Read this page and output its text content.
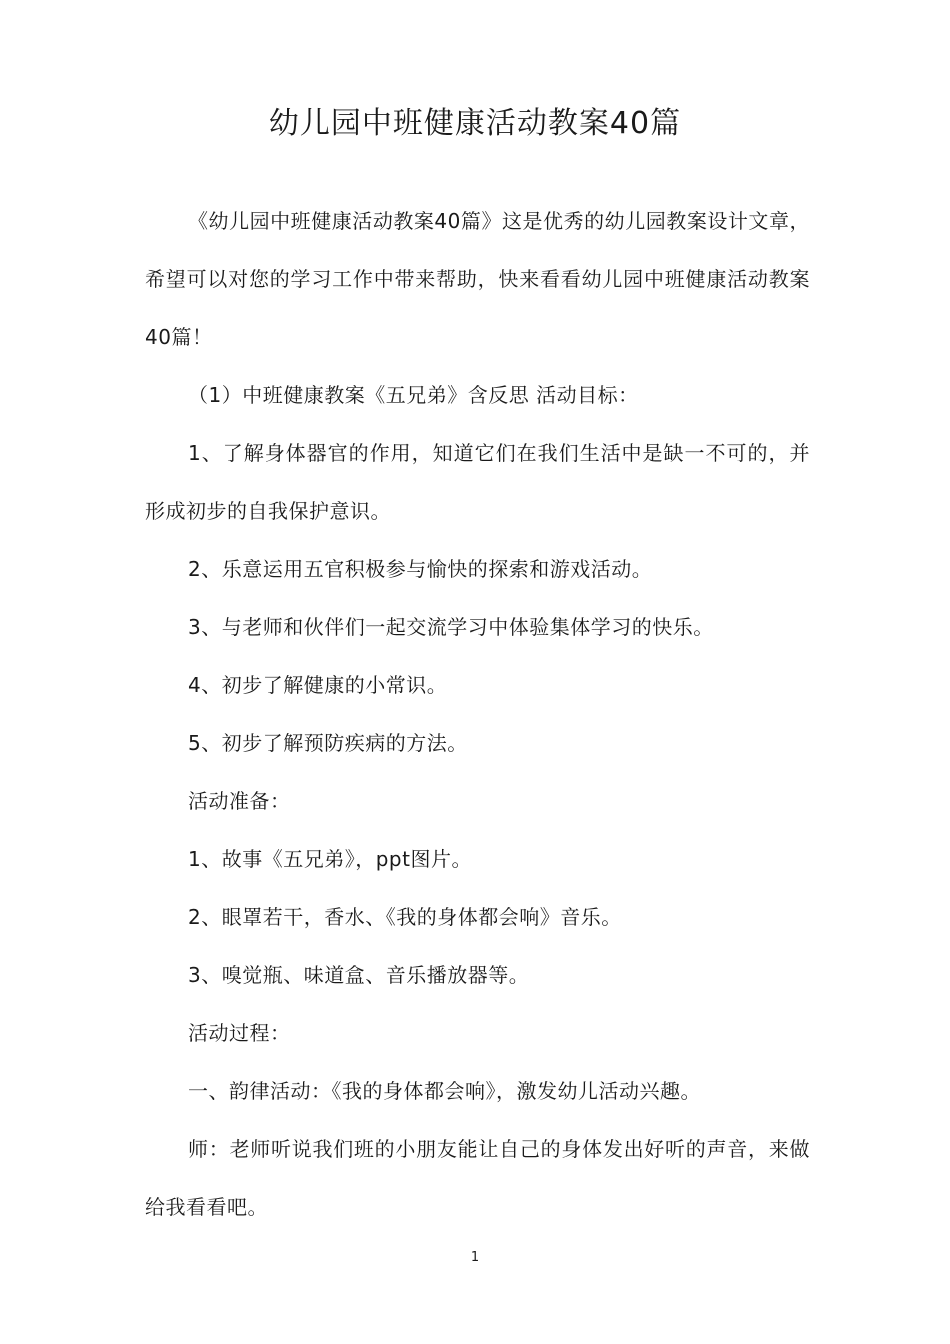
幼儿园中班健康活动教案40篇

《幼儿园中班健康活动教案40篇》这是优秀的幼儿园教案设计文章，希望可以对您的学习工作中带来帮助，快来看看幼儿园中班健康活动教案40篇！

（1）中班健康教案《五兄弟》含反思 活动目标：

1、了解身体器官的作用，知道它们在我们生活中是缺一不可的，并形成初步的自我保护意识。

2、乐意运用五官积极参与愉快的探索和游戏活动。

3、与老师和伙伴们一起交流学习中体验集体学习的快乐。

4、初步了解健康的小常识。

5、初步了解预防疾病的方法。

活动准备：

1、故事《五兄弟》，ppt图片。

2、眼罩若干，香水、《我的身体都会响》音乐。

3、嗅觉瓶、味道盒、音乐播放器等。

活动过程：

一、韵律活动：《我的身体都会响》，激发幼儿活动兴趣。

师：老师听说我们班的小朋友能让自己的身体发出好听的声音，来做给我看看吧。

1
